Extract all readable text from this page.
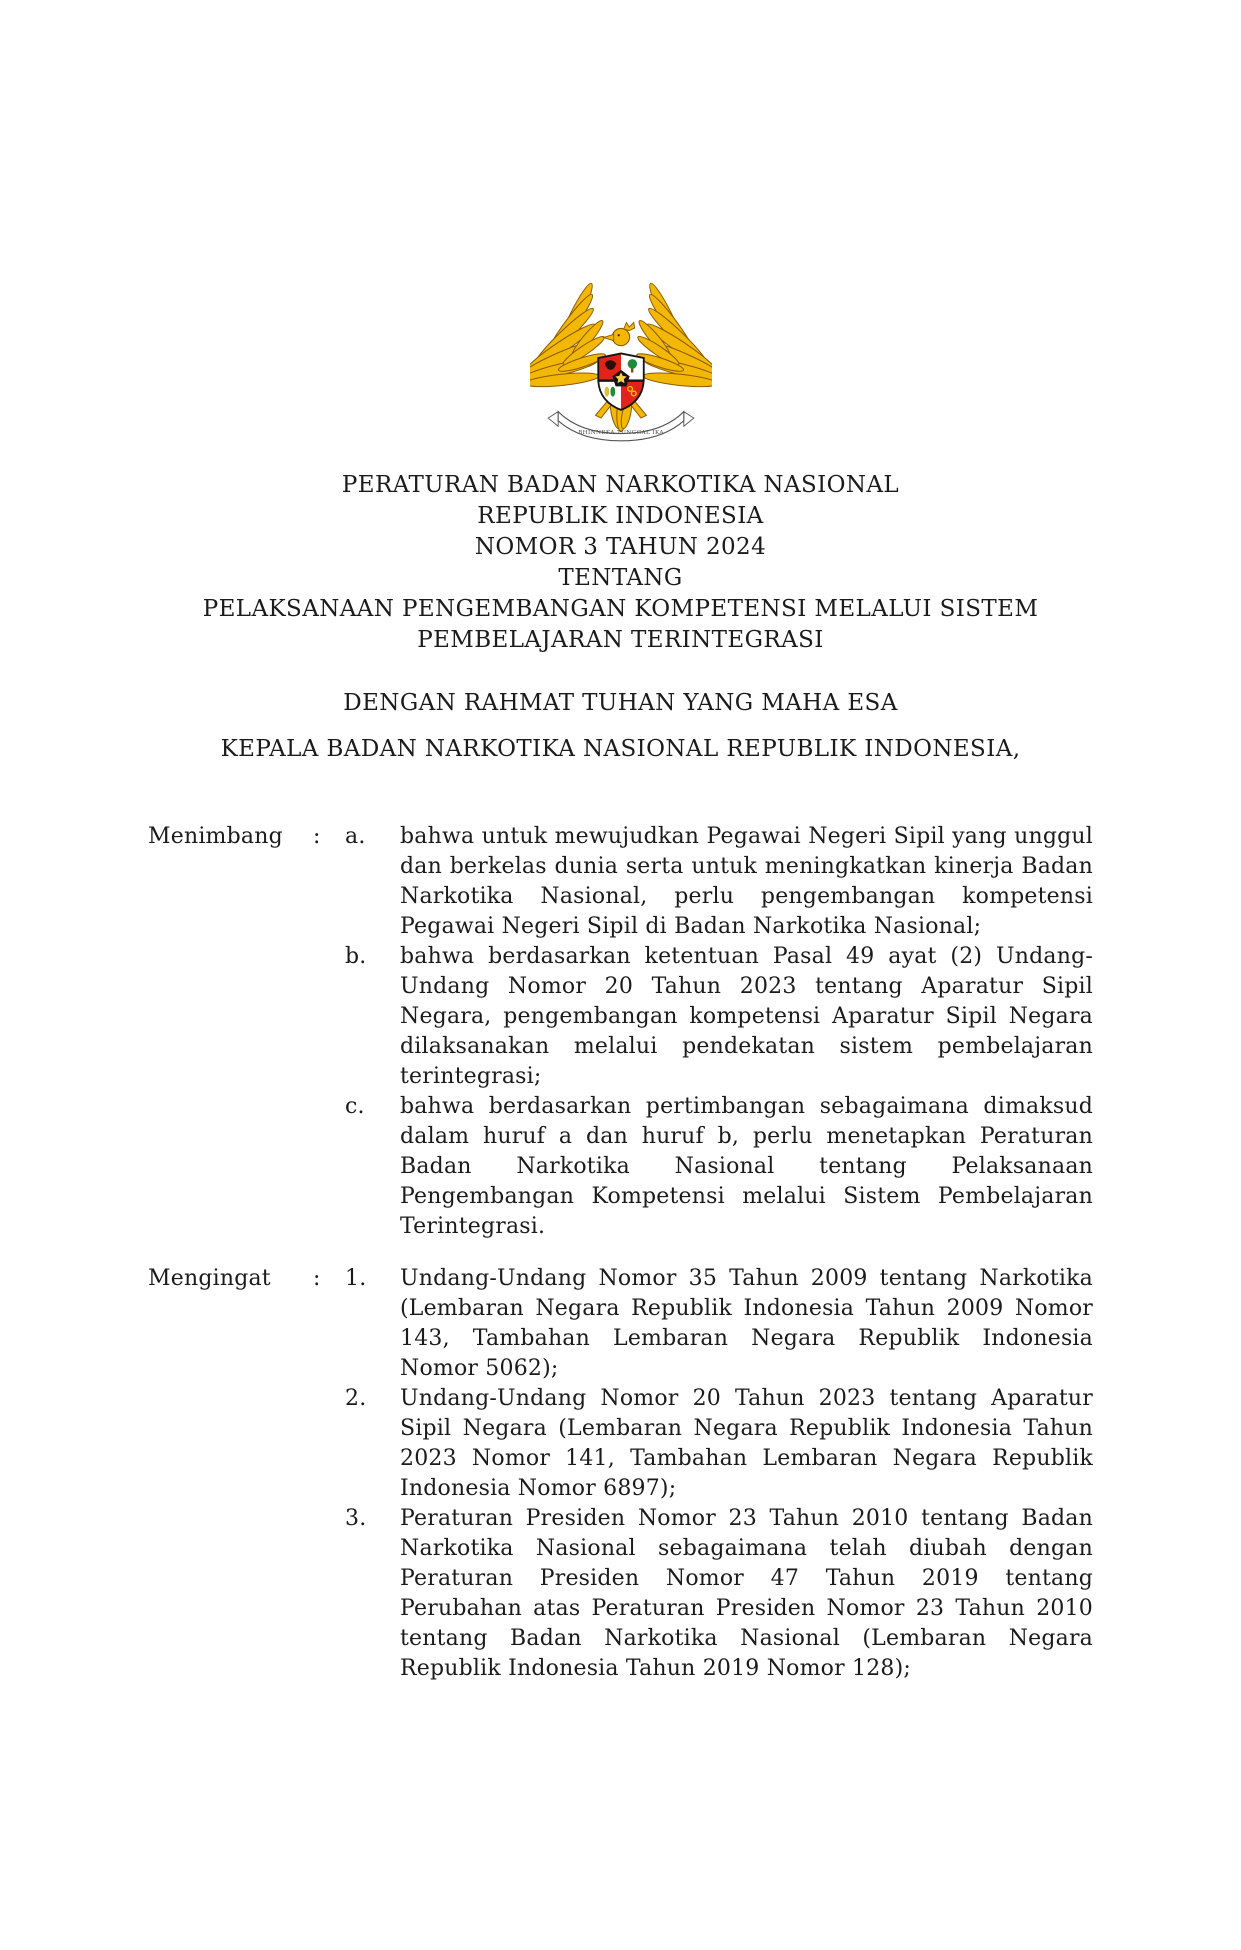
BHINNEKA TUNGGAL IKA
PERATURAN BADAN NARKOTIKA NASIONAL
REPUBLIK INDONESIA
NOMOR 3 TAHUN 2024
TENTANG
PELAKSANAAN PENGEMBANGAN KOMPETENSI MELALUI SISTEM
PEMBELAJARAN TERINTEGRASI
DENGAN RAHMAT TUHAN YANG MAHA ESA
KEPALA BADAN NARKOTIKA NASIONAL REPUBLIK INDONESIA,
Menimbang	:	a.	bahwa untuk mewujudkan Pegawai Negeri Sipil yang unggul dan berkelas dunia serta untuk meningkatkan kinerja Badan Narkotika Nasional, perlu pengembangan kompetensi Pegawai Negeri Sipil di Badan Narkotika Nasional;
b.	bahwa berdasarkan ketentuan Pasal 49 ayat (2) Undang-Undang Nomor 20 Tahun 2023 tentang Aparatur Sipil Negara, pengembangan kompetensi Aparatur Sipil Negara dilaksanakan melalui pendekatan sistem pembelajaran terintegrasi;
c.	bahwa berdasarkan pertimbangan sebagaimana dimaksud dalam huruf a dan huruf b, perlu menetapkan Peraturan Badan Narkotika Nasional tentang Pelaksanaan Pengembangan Kompetensi melalui Sistem Pembelajaran Terintegrasi.
Mengingat	:	1.	Undang-Undang Nomor 35 Tahun 2009 tentang Narkotika (Lembaran Negara Republik Indonesia Tahun 2009 Nomor 143, Tambahan Lembaran Negara Republik Indonesia Nomor 5062);
2.	Undang-Undang Nomor 20 Tahun 2023 tentang Aparatur Sipil Negara (Lembaran Negara Republik Indonesia Tahun 2023 Nomor 141, Tambahan Lembaran Negara Republik Indonesia Nomor 6897);
3.	Peraturan Presiden Nomor 23 Tahun 2010 tentang Badan Narkotika Nasional sebagaimana telah diubah dengan Peraturan Presiden Nomor 47 Tahun 2019 tentang Perubahan atas Peraturan Presiden Nomor 23 Tahun 2010 tentang Badan Narkotika Nasional (Lembaran Negara Republik Indonesia Tahun 2019 Nomor 128);
